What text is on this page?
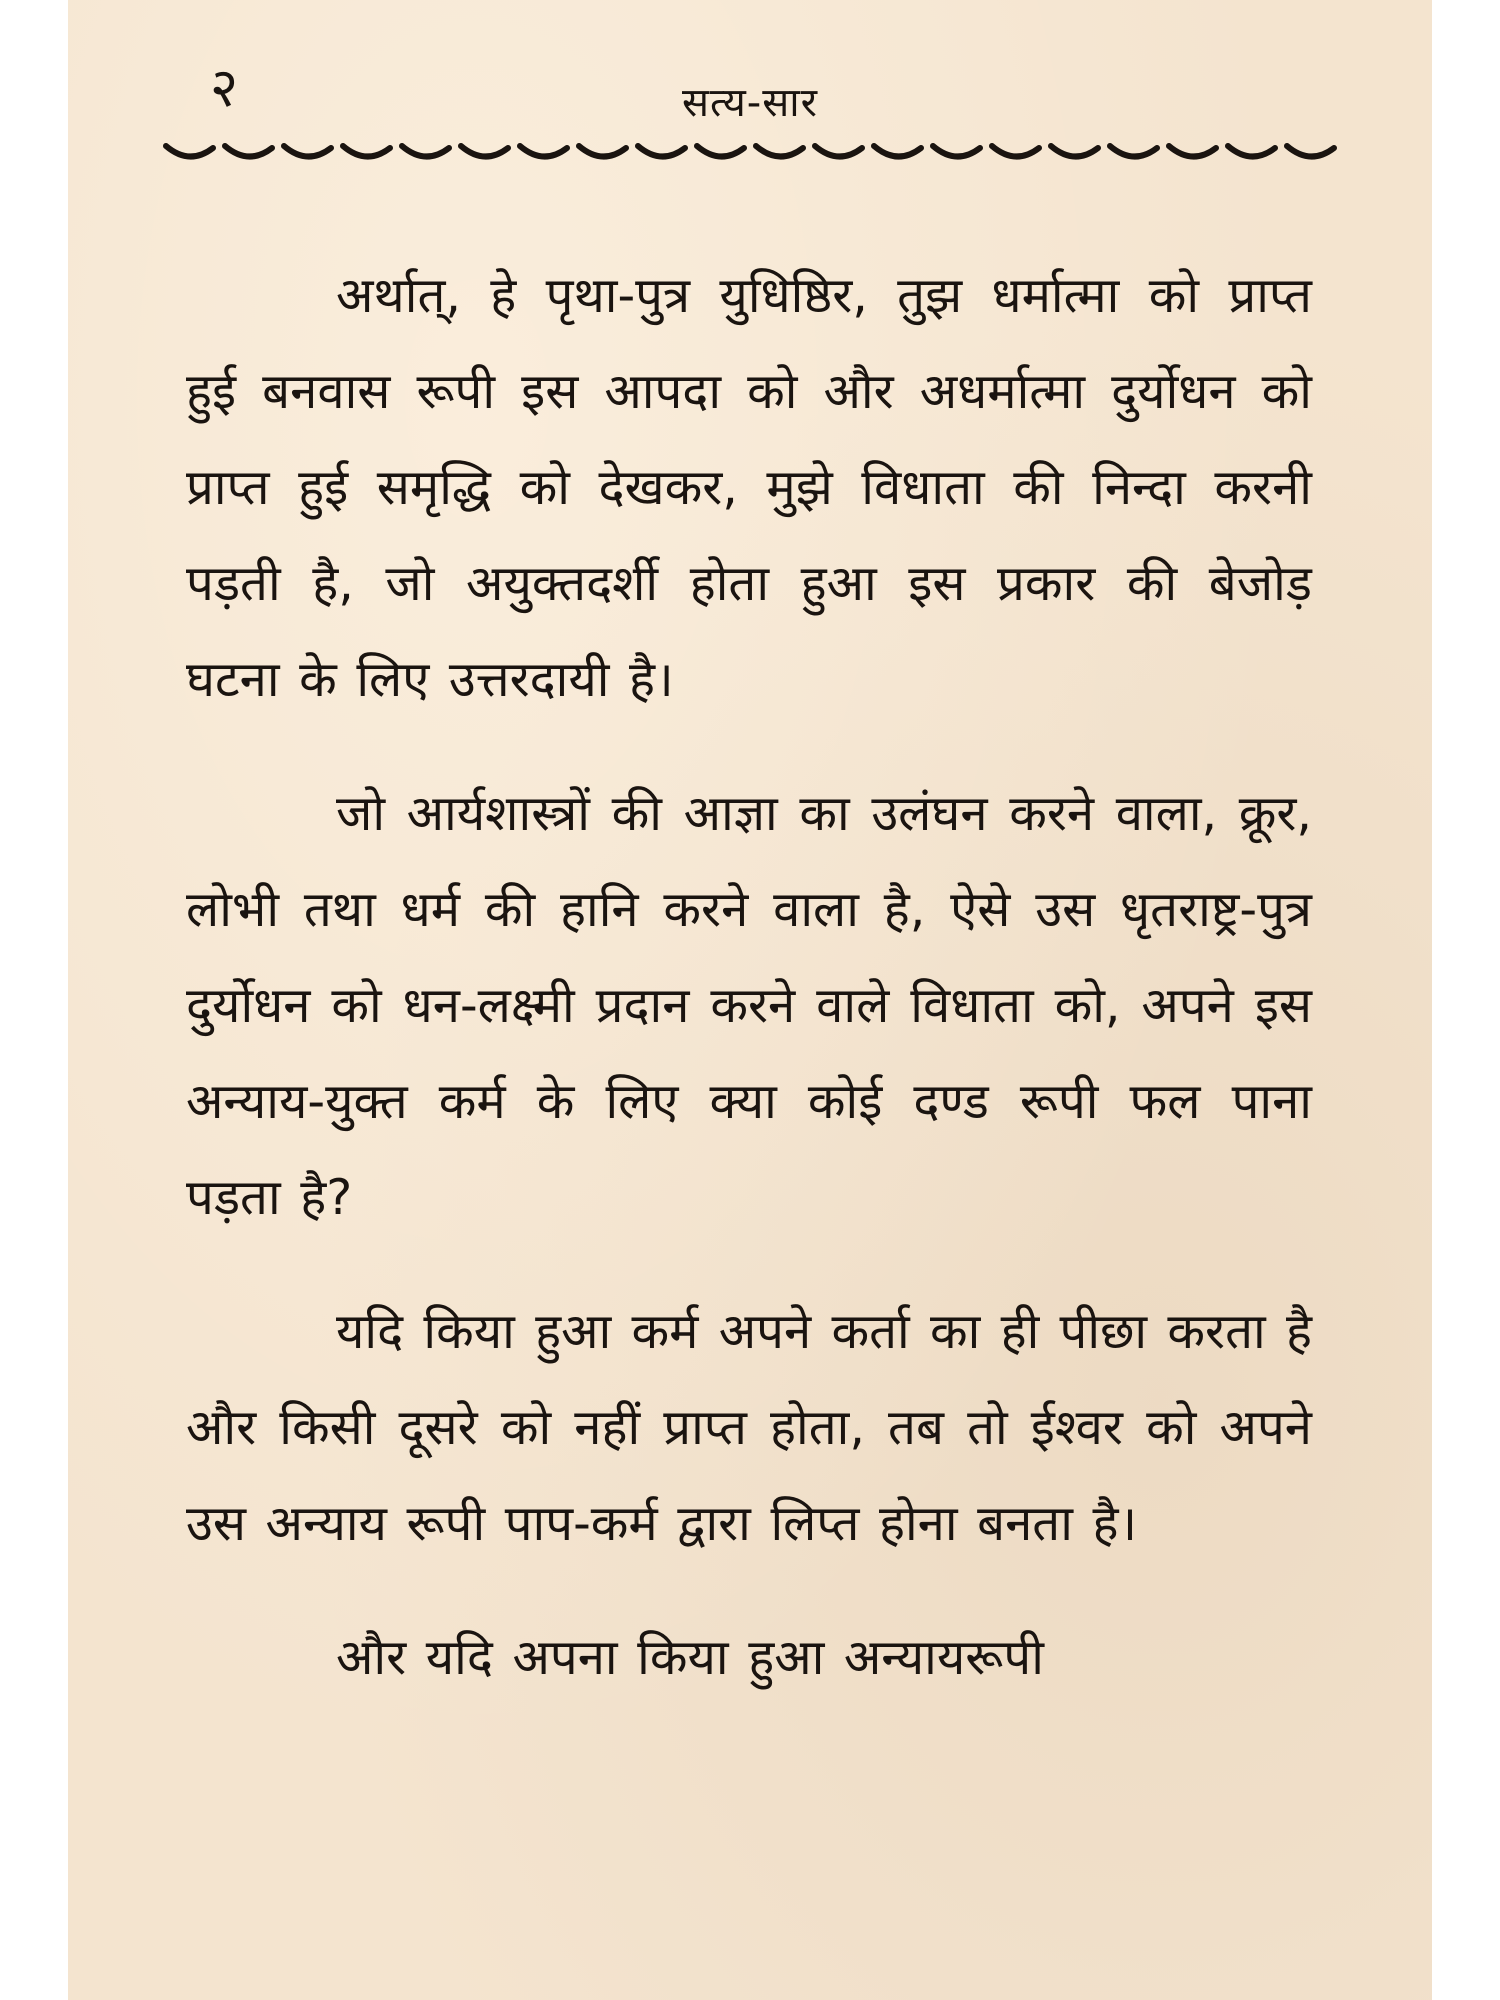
२	सत्य-सार

अर्थात्, हे पृथा-पुत्र युधिष्ठिर, तुझ धर्मात्मा को प्राप्त हुई बनवास रूपी इस आपदा को और अधर्मात्मा दुर्योधन को प्राप्त हुई समृद्धि को देखकर, मुझे विधाता की निन्दा करनी पड़ती है, जो अयुक्तदर्शी होता हुआ इस प्रकार की बेजोड़ घटना के लिए उत्तरदायी है।

जो आर्यशास्त्रों की आज्ञा का उलंघन करने वाला, क्रूर, लोभी तथा धर्म की हानि करने वाला है, ऐसे उस धृतराष्ट्र-पुत्र दुर्योधन को धन-लक्ष्मी प्रदान करने वाले विधाता को, अपने इस अन्याय-युक्त कर्म के लिए क्या कोई दण्ड रूपी फल पाना पड़ता है?

यदि किया हुआ कर्म अपने कर्ता का ही पीछा करता है और किसी दूसरे को नहीं प्राप्त होता, तब तो ईश्वर को अपने उस अन्याय रूपी पाप-कर्म द्वारा लिप्त होना बनता है।

और यदि अपना किया हुआ अन्यायरूपी
